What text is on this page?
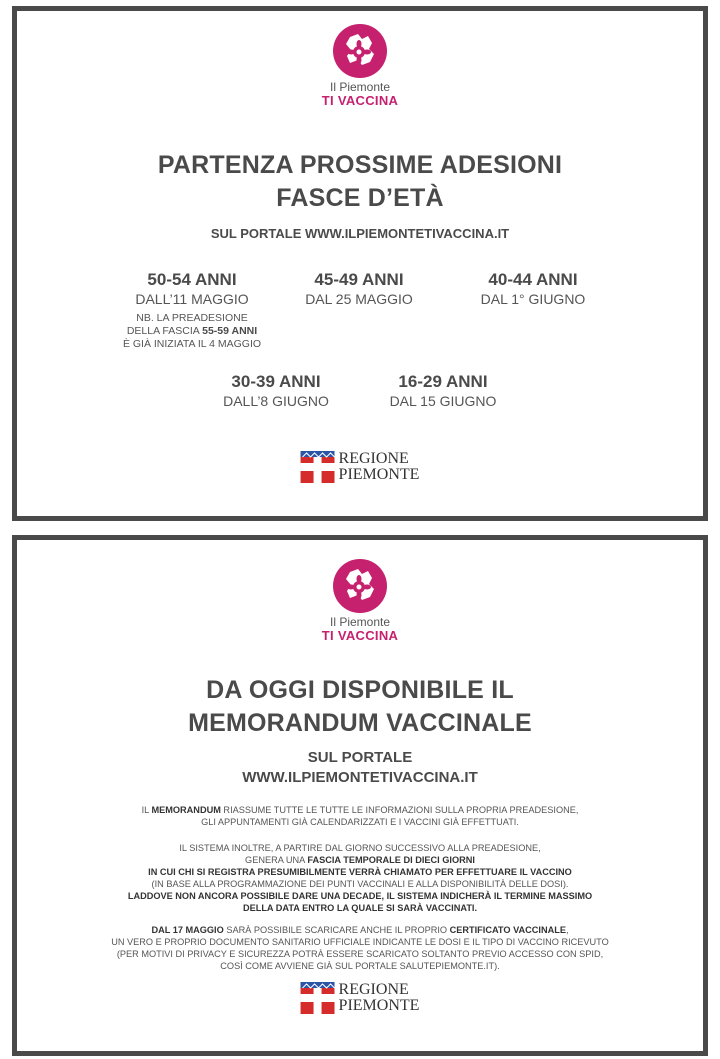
Il Piemonte
TI VACCINA
PARTENZA PROSSIME ADESIONI
FASCE D’ETÀ
SUL PORTALE WWW.ILPIEMONTETIVACCINA.IT
50-54 ANNI
DALL’11 MAGGIO
NB. LA PREADESIONE
DELLA FASCIA 55-59 ANNI
È GIÀ INIZIATA IL 4 MAGGIO
45-49 ANNI
DAL 25 MAGGIO
40-44 ANNI
DAL 1° GIUGNO
30-39 ANNI
DALL’8 GIUGNO
16-29 ANNI
DAL 15 GIUGNO
REGIONE
PIEMONTE
Il Piemonte
TI VACCINA
DA OGGI DISPONIBILE IL
MEMORANDUM VACCINALE
SUL PORTALE
WWW.ILPIEMONTETIVACCINA.IT
IL MEMORANDUM RIASSUME TUTTE LE TUTTE LE INFORMAZIONI SULLA PROPRIA PREADESIONE,
GLI APPUNTAMENTI GIÀ CALENDARIZZATI E I VACCINI GIÀ EFFETTUATI.
IL SISTEMA INOLTRE, A PARTIRE DAL GIORNO SUCCESSIVO ALLA PREADESIONE,
GENERA UNA FASCIA TEMPORALE DI DIECI GIORNI
IN CUI CHI SI REGISTRA PRESUMIBILMENTE VERRÀ CHIAMATO PER EFFETTUARE IL VACCINO
(IN BASE ALLA PROGRAMMAZIONE DEI PUNTI VACCINALI E ALLA DISPONIBILITÀ DELLE DOSI).
LADDOVE NON ANCORA POSSIBILE DARE UNA DECADE, IL SISTEMA INDICHERÀ IL TERMINE MASSIMO
DELLA DATA ENTRO LA QUALE SI SARÀ VACCINATI.
DAL 17 MAGGIO SARÀ POSSIBILE SCARICARE ANCHE IL PROPRIO CERTIFICATO VACCINALE,
UN VERO E PROPRIO DOCUMENTO SANITARIO UFFICIALE INDICANTE LE DOSI E IL TIPO DI VACCINO RICEVUTO
(PER MOTIVI DI PRIVACY E SICUREZZA POTRÀ ESSERE SCARICATO SOLTANTO PREVIO ACCESSO CON SPID,
COSÌ COME AVVIENE GIÀ SUL PORTALE SALUTEPIEMONTE.IT).
REGIONE
PIEMONTE
